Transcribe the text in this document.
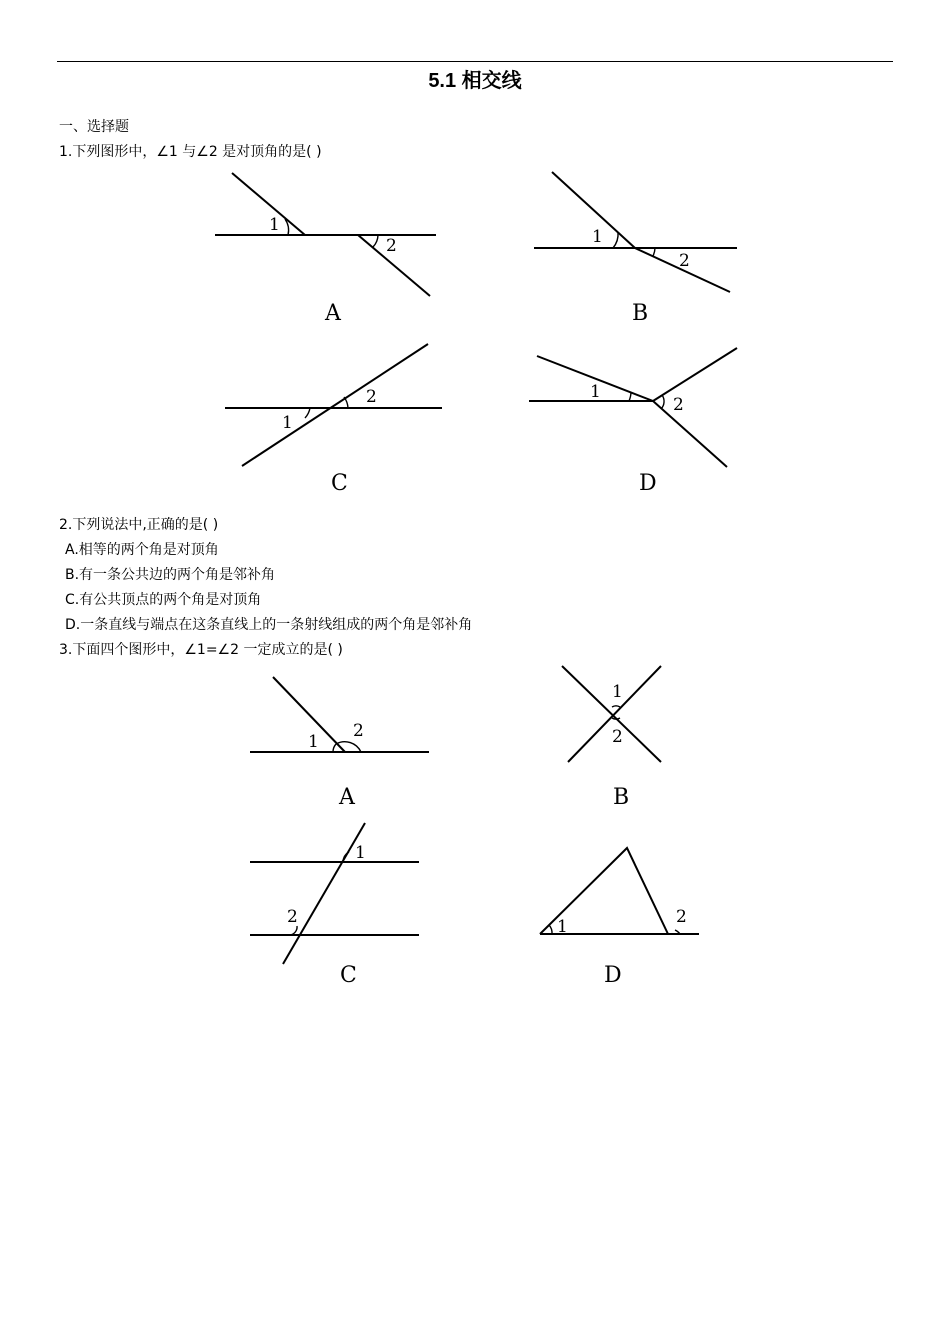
5.1 相交线
一、选择题
1.下列图形中，∠1 与∠2 是对顶角的是( )
1
2
A
1
2
B
1
2
C
1
2
D
2.下列说法中,正确的是( )
A.相等的两个角是对顶角
B.有一条公共边的两个角是邻补角
C.有公共顶点的两个角是对顶角
D.一条直线与端点在这条直线上的一条射线组成的两个角是邻补角
3.下面四个图形中，∠1=∠2 一定成立的是( )
1
2
A
1
2
B
1
2
C
1	2
D
